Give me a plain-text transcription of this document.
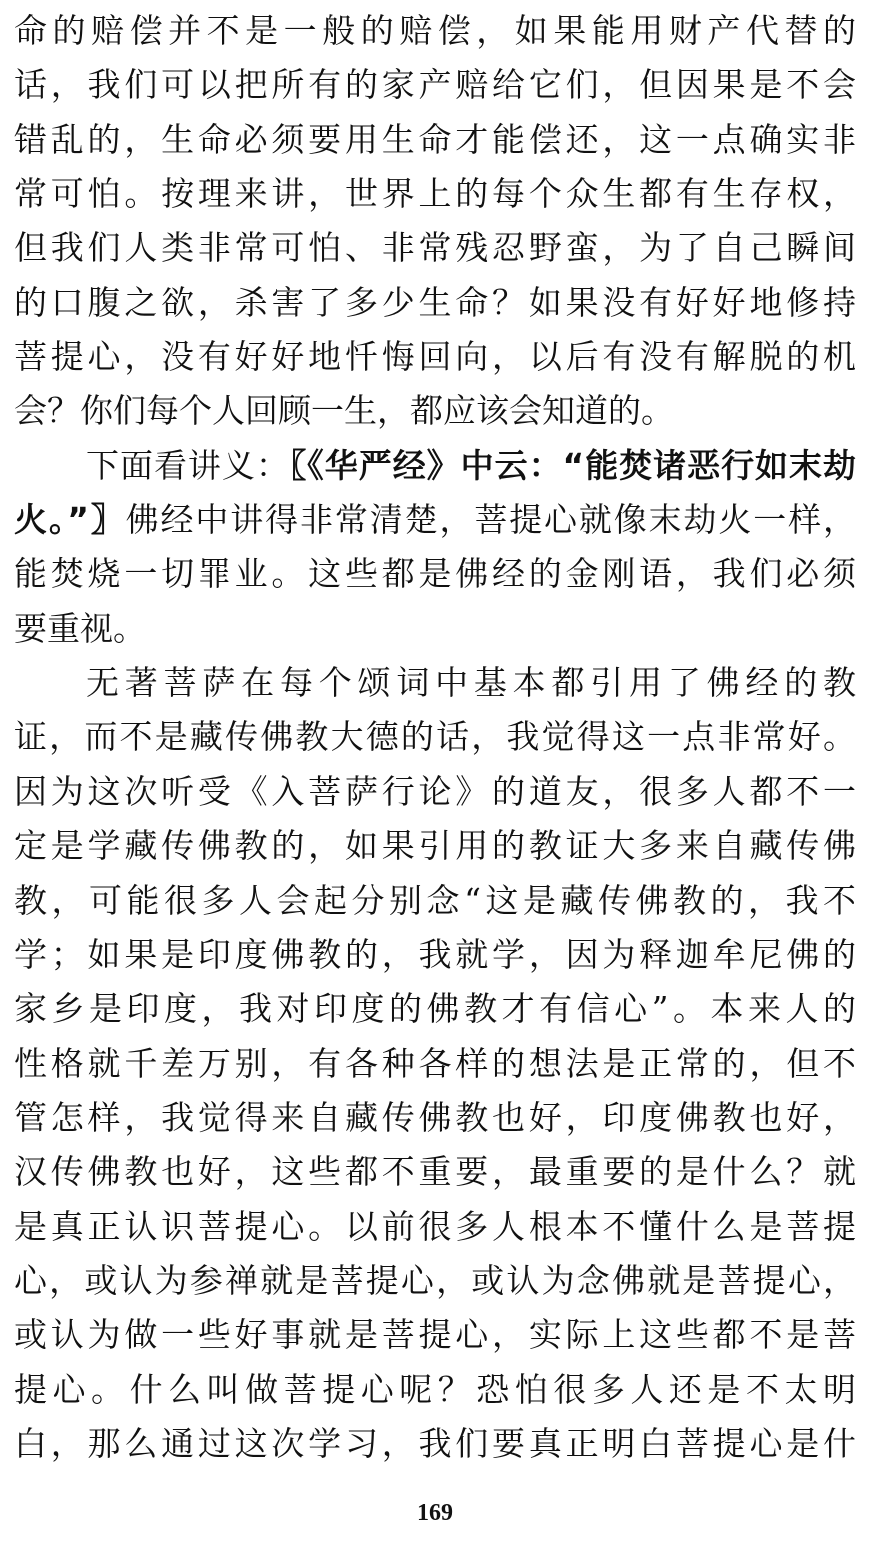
命的赔偿并不是一般的赔偿，如果能用财产代替的
话，我们可以把所有的家产赔给它们，但因果是不会
错乱的，生命必须要用生命才能偿还，这一点确实非
常可怕。按理来讲，世界上的每个众生都有生存权，
但我们人类非常可怕、非常残忍野蛮，为了自己瞬间
的口腹之欲，杀害了多少生命？如果没有好好地修持
菩提心，没有好好地忏悔回向，以后有没有解脱的机
会？你们每个人回顾一生，都应该会知道的。
下面看讲义：〖《华严经》中云：“能焚诸恶行如末劫
火。”〗佛经中讲得非常清楚，菩提心就像末劫火一样，
能焚烧一切罪业。这些都是佛经的金刚语，我们必须
要重视。
无著菩萨在每个颂词中基本都引用了佛经的教
证，而不是藏传佛教大德的话，我觉得这一点非常好。
因为这次听受《入菩萨行论》的道友，很多人都不一
定是学藏传佛教的，如果引用的教证大多来自藏传佛
教，可能很多人会起分别念“这是藏传佛教的，我不
学；如果是印度佛教的，我就学，因为释迦牟尼佛的
家乡是印度，我对印度的佛教才有信心”。本来人的
性格就千差万别，有各种各样的想法是正常的，但不
管怎样，我觉得来自藏传佛教也好，印度佛教也好，
汉传佛教也好，这些都不重要，最重要的是什么？就
是真正认识菩提心。以前很多人根本不懂什么是菩提
心，或认为参禅就是菩提心，或认为念佛就是菩提心，
或认为做一些好事就是菩提心，实际上这些都不是菩
提心。什么叫做菩提心呢？恐怕很多人还是不太明
白，那么通过这次学习，我们要真正明白菩提心是什
169
